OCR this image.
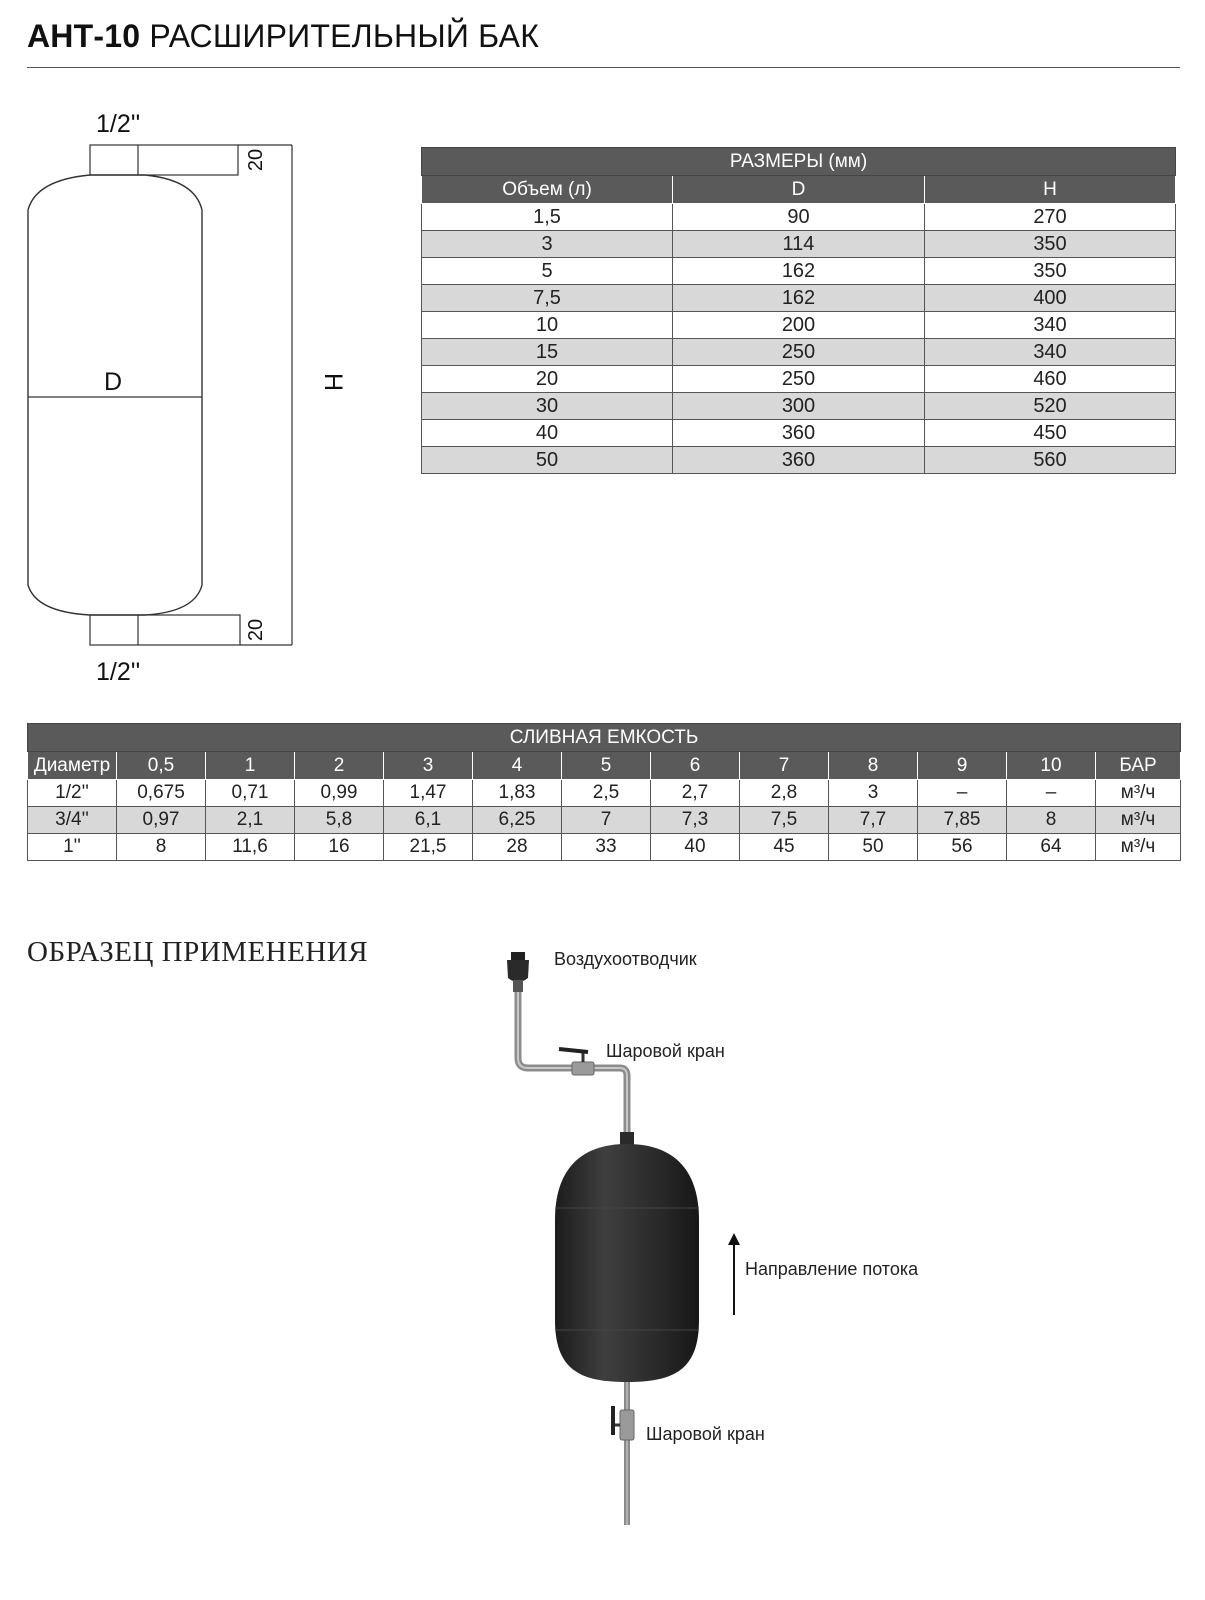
АНТ-10 РАСШИРИТЕЛЬНЫЙ БАК
1/2''
20
D
20
H
1/2''
РАЗМЕРЫ (мм)		
Объем (л)	D	H
1,5	90	270
3	114	350
5	162	350
7,5	162	400
10	200	340
15	250	340
20	250	460
30	300	520
40	360	450
50	360	560
СЛИВНАЯ ЕМКОСТЬ												
Диаметр	0,5	1	2	3	4	5	6	7	8	9	10	БАР
1/2''	0,675	0,71	0,99	1,47	1,83	2,5	2,7	2,8	3	–	–	м³/ч
3/4''	0,97	2,1	5,8	6,1	6,25	7	7,3	7,5	7,7	7,85	8	м³/ч
1''	8	11,6	16	21,5	28	33	40	45	50	56	64	м³/ч
ОБРАЗЕЦ ПРИМЕНЕНИЯ	Воздухоотводчик
Шаровой кран
Шаровой кран
Направление потока
